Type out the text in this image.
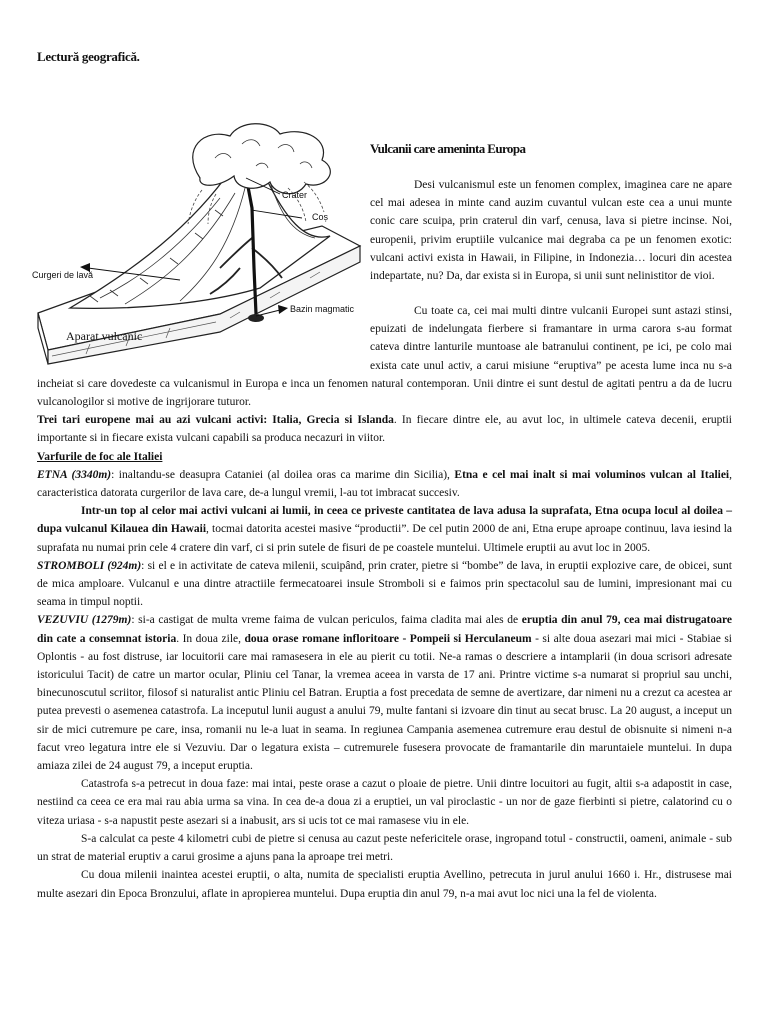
Lectură geografică.
Crater
Coș
Curgeri de lavă
Bazin magmatic
Aparat vulcanic
Vulcanii care ameninta Europa

Desi vulcanismul este un fenomen complex, imaginea care ne apare cel mai adesea in minte cand auzim cuvantul vulcan este cea a unui munte conic care scuipa, prin craterul din varf, cenusa, lava si pietre incinse. Noi, europenii, privim eruptiile vulcanice mai degraba ca pe un fenomen exotic: vulcani activi exista in Hawaii, in Filipine, in Indonezia… locuri din acestea indepartate, nu? Da, dar exista si in Europa, si unii sunt nelinistitor de vioi.

Cu toate ca, cei mai multi dintre vulcanii Europei sunt astazi stinsi, epuizati de indelungata fierbere si framantare in urma carora s-au format cateva dintre lanturile muntoase ale batranului continent, pe ici, pe colo mai exista cate unul activ, a carui misiune “eruptiva” pe acesta lume inca nu s-a incheiat si care dovedeste ca vulcanismul in Europa e inca un fenomen natural contemporan. Unii dintre ei sunt destul de agitati pentru a da de lucru vulcanologilor si motive de ingrijorare tuturor.

Trei tari europene mai au azi vulcani activi: Italia, Grecia si Islanda. In fiecare dintre ele, au avut loc, in ultimele cateva decenii, eruptii importante si in fiecare exista vulcani capabili sa produca necazuri in viitor.

Varfurile de foc ale Italiei

ETNA (3340m): inaltandu-se deasupra Cataniei (al doilea oras ca marime din Sicilia), Etna e cel mai inalt si mai voluminos vulcan al Italiei, caracteristica datorata curgerilor de lava care, de-a lungul vremii, l-au tot imbracat succesiv.

Intr-un top al celor mai activi vulcani ai lumii, in ceea ce priveste cantitatea de lava adusa la suprafata, Etna ocupa locul al doilea – dupa vulcanul Kilauea din Hawaii, tocmai datorita acestei masive “productii”. De cel putin 2000 de ani, Etna erupe aproape continuu, lava iesind la suprafata nu numai prin cele 4 cratere din varf, ci si prin sutele de fisuri de pe coastele muntelui. Ultimele eruptii au avut loc in 2005.

STROMBOLI (924m): si el e in activitate de cateva milenii, scuipând, prin crater, pietre si “bombe” de lava, in eruptii explozive care, de obicei, sunt de mica amploare. Vulcanul e una dintre atractiile fermecatoarei insule Stromboli si e faimos prin spectacolul sau de lumini, impresionant mai cu seama in timpul noptii.

VEZUVIU (1279m): si-a castigat de multa vreme faima de vulcan periculos, faima cladita mai ales de eruptia din anul 79, cea mai distrugatoare din cate a consemnat istoria. In doua zile, doua orase romane infloritoare - Pompeii si Herculaneum - si alte doua asezari mai mici - Stabiae si Oplontis - au fost distruse, iar locuitorii care mai ramasesera in ele au pierit cu totii. Ne-a ramas o descriere a intamplarii (in doua scrisori adresate istoricului Tacit) de catre un martor ocular, Pliniu cel Tanar, la vremea aceea in varsta de 17 ani. Printre victime s-a numarat si propriul sau unchi, binecunoscutul scriitor, filosof si naturalist antic Pliniu cel Batran. Eruptia a fost precedata de semne de avertizare, dar nimeni nu a crezut ca acestea ar putea prevesti o asemenea catastrofa. La inceputul lunii august a anului 79, multe fantani si izvoare din tinut au secat brusc. La 20 august, a inceput un sir de mici cutremure pe care, insa, romanii nu le-a luat in seama. In regiunea Campania asemenea cutremure erau destul de obisnuite si nimeni n-a facut vreo legatura intre ele si Vezuviu. Dar o legatura exista – cutremurele fusesera provocate de framantarile din maruntaiele muntelui. In dupa amiaza zilei de 24 august 79, a inceput eruptia.

Catastrofa s-a petrecut in doua faze: mai intai, peste orase a cazut o ploaie de pietre. Unii dintre locuitori au fugit, altii s-a adapostit in case, nestiind ca ceea ce era mai rau abia urma sa vina. In cea de-a doua zi a eruptiei, un val piroclastic - un nor de gaze fierbinti si pietre, calatorind cu o viteza uriasa - s-a napustit peste asezari si a inabusit, ars si ucis tot ce mai ramasese viu in ele.

S-a calculat ca peste 4 kilometri cubi de pietre si cenusa au cazut peste nefericitele orase, ingropand totul - constructii, oameni, animale - sub un strat de material eruptiv a carui grosime a ajuns pana la aproape trei metri.

Cu doua milenii inaintea acestei eruptii, o alta, numita de specialisti eruptia Avellino, petrecuta in jurul anului 1660 i. Hr., distrusese mai multe asezari din Epoca Bronzului, aflate in apropierea muntelui. Dupa eruptia din anul 79, n-a mai avut loc nici una la fel de violenta.
